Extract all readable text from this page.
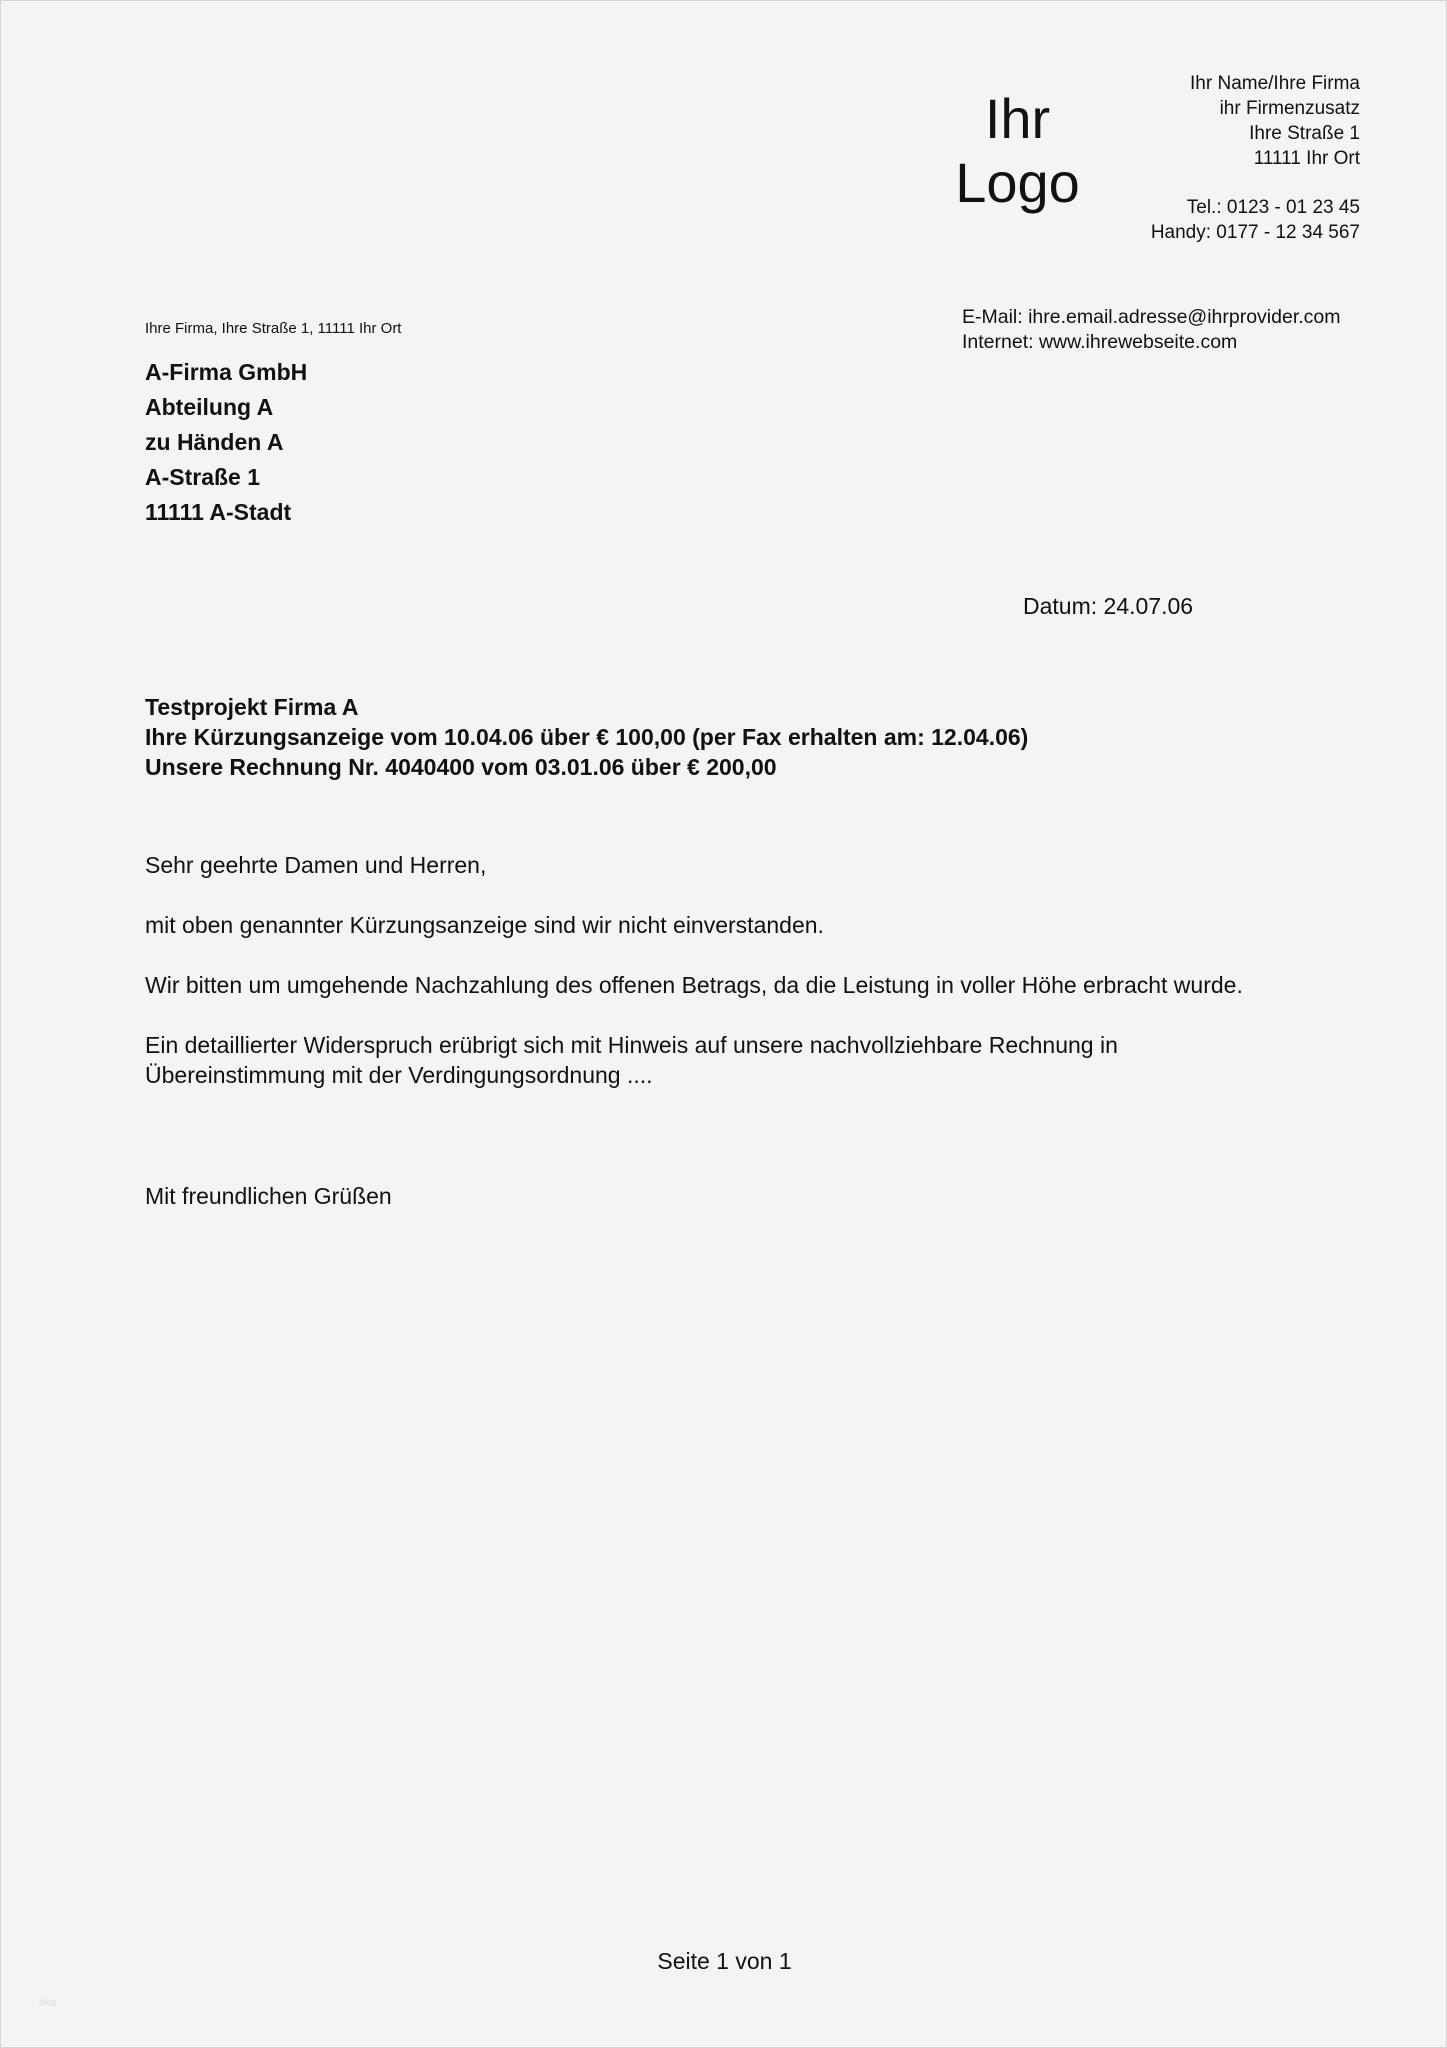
Ihr
Logo
Ihr Name/Ihre Firma
ihr Firmenzusatz
Ihre Straße 1
11111 Ihr Ort
Tel.: 0123 - 01 23 45
Handy: 0177 - 12 34 567
E-Mail: ihre.email.adresse@ihrprovider.com
Internet: www.ihrewebseite.com
Ihre Firma, Ihre Straße 1, 11111 Ihr Ort
A-Firma GmbH
Abteilung A
zu Händen A
A-Straße 1
11111 A-Stadt
Datum: 24.07.06
Testprojekt Firma A
Ihre Kürzungsanzeige vom 10.04.06 über € 100,00 (per Fax erhalten am: 12.04.06)
Unsere Rechnung Nr. 4040400 vom 03.01.06 über € 200,00
Sehr geehrte Damen und Herren,
mit oben genannter Kürzungsanzeige sind wir nicht einverstanden.
Wir bitten um umgehende Nachzahlung des offenen Betrags, da die Leistung in voller Höhe erbracht wurde.
Ein detaillierter Widerspruch erübrigt sich mit Hinweis auf unsere nachvollziehbare Rechnung in
Übereinstimmung mit der Verdingungsordnung ....
Mit freundlichen Grüßen
Seite 1 von 1
blog
